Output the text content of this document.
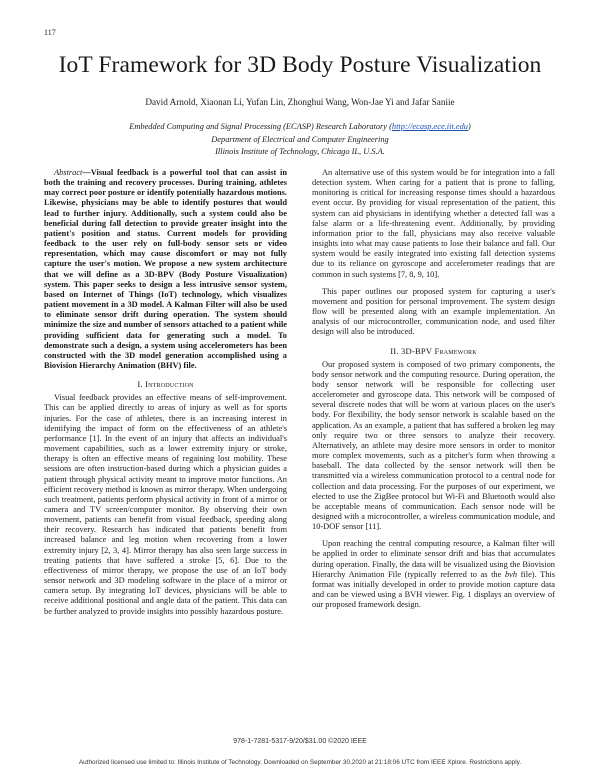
117
IoT Framework for 3D Body Posture Visualization
David Arnold, Xiaonan Li, Yufan Lin, Zhonghui Wang, Won-Jae Yi and Jafar Saniie
Embedded Computing and Signal Processing (ECASP) Research Laboratory (http://ecasp.ece.iit.edu)
Department of Electrical and Computer Engineering
Illinois Institute of Technology, Chicago IL, U.S.A.

Abstract—Visual feedback is a powerful tool that can assist in both the training and recovery processes. During training, athletes may correct poor posture or identify potentially hazardous motions. Likewise, physicians may be able to identify postures that would lead to further injury. Additionally, such a system could also be beneficial during fall detection to provide greater insight into the patient's position and status. Current models for providing feedback to the user rely on full-body sensor sets or video representation, which may cause discomfort or may not fully capture the user's motion. We propose a new system architecture that we will define as a 3D-BPV (Body Posture Visualization) system. This paper seeks to design a less intrusive sensor system, based on Internet of Things (IoT) technology, which visualizes patient movement in a 3D model. A Kalman Filter will also be used to eliminate sensor drift during operation. The system should minimize the size and number of sensors attached to a patient while providing sufficient data for generating such a model. To demonstrate such a design, a system using accelerometers has been constructed with the 3D model generation accomplished using a Biovision Hierarchy Animation (BHV) file.

I. Introduction

Visual feedback provides an effective means of self-improvement. This can be applied directly to areas of injury as well as for sports injuries. For the case of athletes, there is an increasing interest in identifying the impact of form on the effectiveness of an athlete's performance [1]. In the event of an injury that affects an individual's movement capabilities, such as a lower extremity injury or stroke, therapy is often an effective means of regaining lost mobility. These sessions are often instruction-based during which a physician guides a patient through physical activity meant to improve motor functions. An efficient recovery method is known as mirror therapy. When undergoing such treatment, patients perform physical activity in front of a mirror or camera and TV screen/computer monitor. By observing their own movement, patients can benefit from visual feedback, speeding along their recovery. Research has indicated that patients benefit from increased balance and leg motion when recovering from a lower extremity injury [2, 3, 4]. Mirror therapy has also seen large success in treating patients that have suffered a stroke [5, 6]. Due to the effectiveness of mirror therapy, we propose the use of an IoT body sensor network and 3D modeling software in the place of a mirror or camera setup. By integrating IoT devices, physicians will be able to receive additional positional and angle data of the patient. This data can be further analyzed to provide insights into possibly hazardous posture.

An alternative use of this system would be for integration into a fall detection system. When caring for a patient that is prone to falling, monitoring is critical for increasing response times should a hazardous event occur. By providing for visual representation of the patient, this system can aid physicians in identifying whether a detected fall was a false alarm or a life-threatening event. Additionally, by providing information prior to the fall, physicians may also receive valuable insights into what may cause patients to lose their balance and fall. Our system would be easily integrated into existing fall detection systems due to its reliance on gyroscope and accelerometer readings that are common in such systems [7, 8, 9, 10].

This paper outlines our proposed system for capturing a user's movement and position for personal improvement. The system design flow will be presented along with an example implementation. An analysis of our microcontroller, communication node, and used filter design will also be introduced.

II. 3D-BPV Framework

Our proposed system is composed of two primary components, the body sensor network and the computing resource. During operation, the body sensor network will be responsible for collecting user accelerometer and gyroscope data. This network will be composed of several discrete nodes that will be worn at various places on the user's body. For flexibility, the body sensor network is scalable based on the application. As an example, a patient that has suffered a broken leg may only require two or three sensors to analyze their recovery. Alternatively, an athlete may desire more sensors in order to monitor more complex movements, such as a pitcher's form when throwing a baseball. The data collected by the sensor network will then be transmitted via a wireless communication protocol to a central node for collection and data processing. For the purposes of our experiment, we elected to use the ZigBee protocol but Wi-Fi and Bluetooth would also be acceptable means of communication. Each sensor node will be designed with a microcontroller, a wireless communication module, and 10-DOF sensor [11].

Upon reaching the central computing resource, a Kalman filter will be applied in order to eliminate sensor drift and bias that accumulates during operation. Finally, the data will be visualized using the Biovision Hierarchy Animation File (typically referred to as the bvh file). This format was initially developed in order to provide motion capture data and can be viewed using a BVH viewer. Fig. 1 displays an overview of our proposed framework design.

978-1-7281-5317-9/20/$31.00 ©2020 IEEE
Authorized licensed use limited to: Illinois Institute of Technology. Downloaded on September 30,2020 at 21:18:06 UTC from IEEE Xplore. Restrictions apply.
